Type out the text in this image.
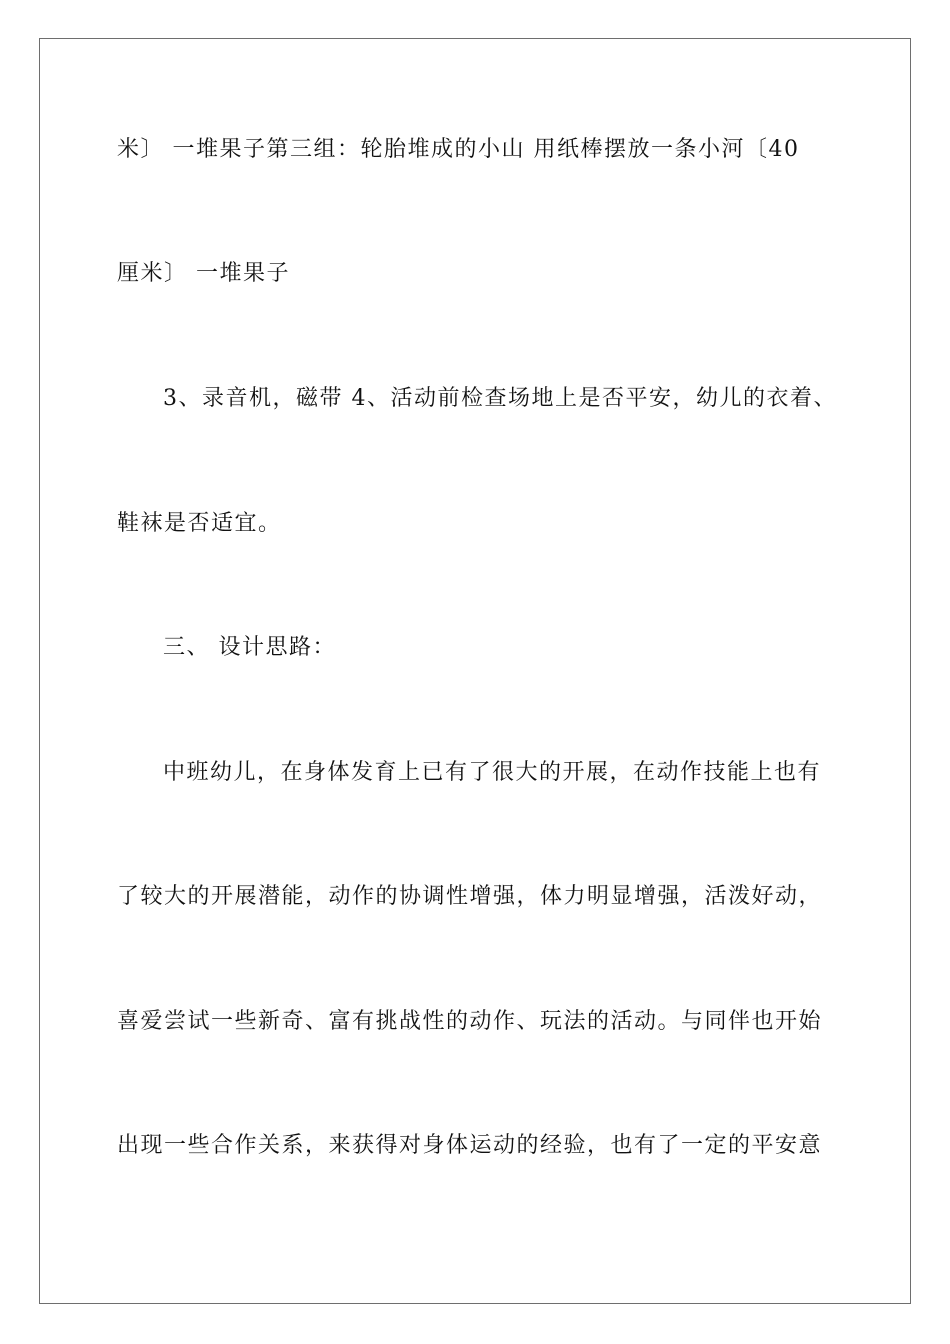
米〕 一堆果子第三组：轮胎堆成的小山 用纸棒摆放一条小河〔40
厘米〕 一堆果子
3、录音机，磁带 4、活动前检查场地上是否平安，幼儿的衣着、
鞋袜是否适宜。
三、 设计思路：
中班幼儿，在身体发育上已有了很大的开展，在动作技能上也有
了较大的开展潜能，动作的协调性增强，体力明显增强，活泼好动，
喜爱尝试一些新奇、富有挑战性的动作、玩法的活动。与同伴也开始
出现一些合作关系，来获得对身体运动的经验，也有了一定的平安意
